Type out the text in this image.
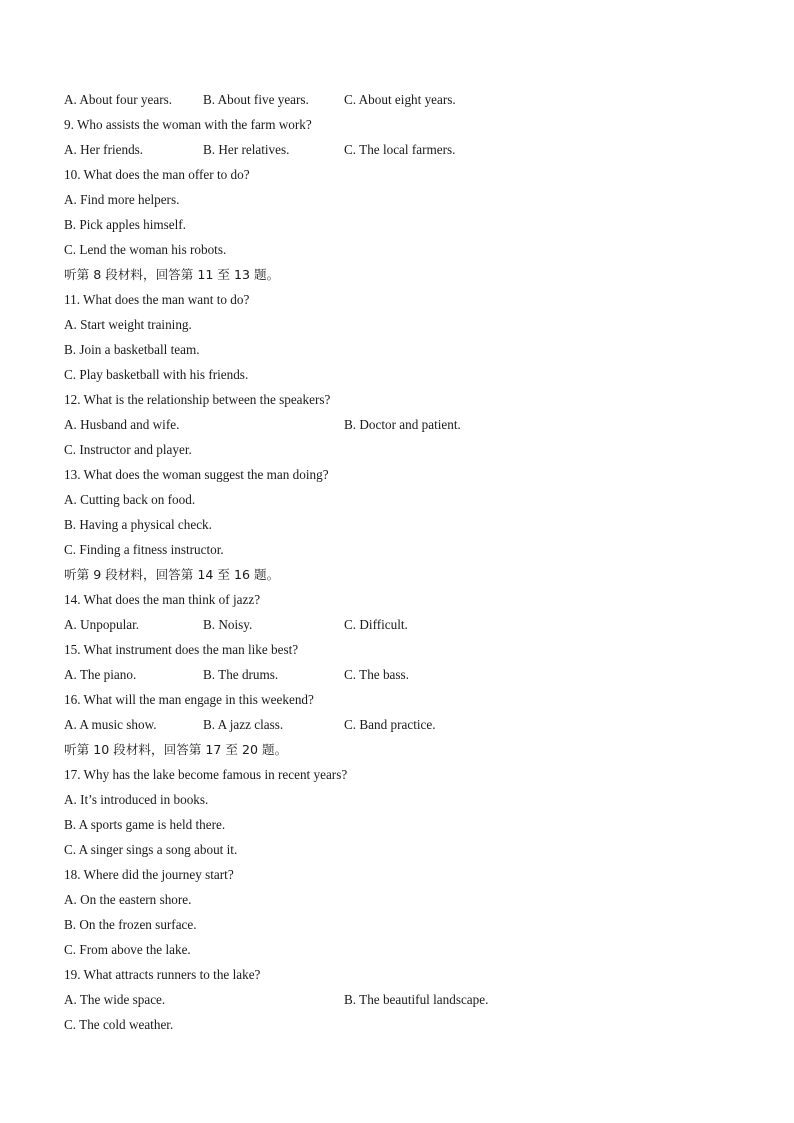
A. About four years. B. About five years.	C. About eight years.
9. Who assists the woman with the farm work?
A. Her friends.	B. Her relatives.	C. The local farmers.
10. What does the man offer to do?
A. Find more helpers.
B. Pick apples himself.
C. Lend the woman his robots.
听第 8 段材料，回答第 11 至 13 题。
11. What does the man want to do?
A. Start weight training.
B. Join a basketball team.
C. Play basketball with his friends.
12. What is the relationship between the speakers?
A. Husband and wife.	B. Doctor and patient.
C. Instructor and player.
13. What does the woman suggest the man doing?
A. Cutting back on food.
B. Having a physical check.
C. Finding a fitness instructor.
听第 9 段材料，回答第 14 至 16 题。
14. What does the man think of jazz?
A. Unpopular.	B. Noisy.	C. Difficult.
15. What instrument does the man like best?
A. The piano.	B. The drums.	C. The bass.
16. What will the man engage in this weekend?
A. A music show.	B. A jazz class.	C. Band practice.
听第 10 段材料，回答第 17 至 20 题。
17. Why has the lake become famous in recent years?
A. It’s introduced in books.
B. A sports game is held there.
C. A singer sings a song about it.
18. Where did the journey start?
A. On the eastern shore.
B. On the frozen surface.
C. From above the lake.
19. What attracts runners to the lake?
A. The wide space.	B. The beautiful landscape.
C. The cold weather.
